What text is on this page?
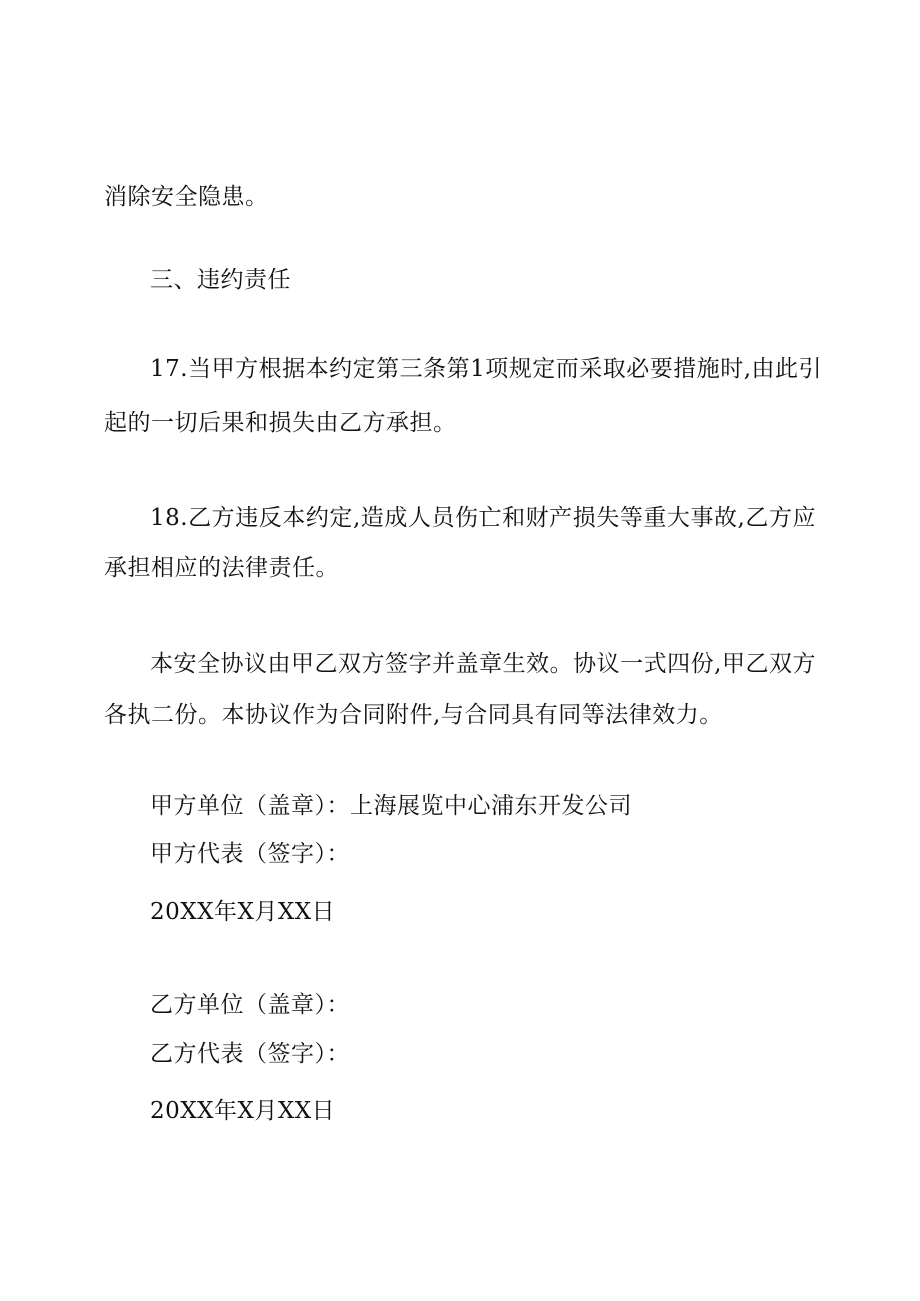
消除安全隐患。
三、违约责任
17.当甲方根据本约定第三条第1项规定而采取必要措施时,由此引
起的一切后果和损失由乙方承担。
18.乙方违反本约定,造成人员伤亡和财产损失等重大事故,乙方应
承担相应的法律责任。
本安全协议由甲乙双方签字并盖章生效。协议一式四份,甲乙双方
各执二份。本协议作为合同附件,与合同具有同等法律效力。
甲方单位（盖章）：上海展览中心浦东开发公司
甲方代表（签字）：
20XX年X月XX日
乙方单位（盖章）：
乙方代表（签字）：
20XX年X月XX日
